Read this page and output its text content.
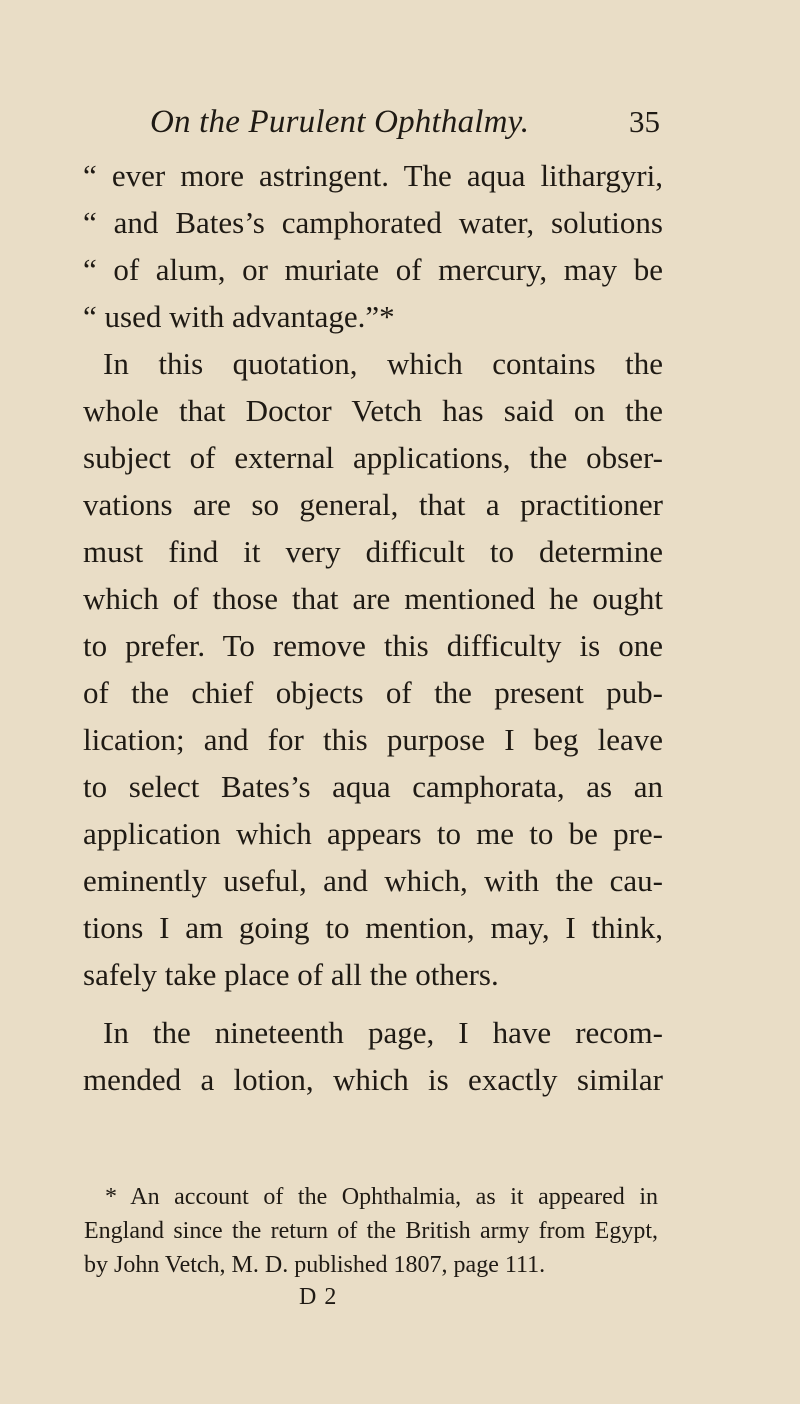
On the Purulent Ophthalmy.	35
“ ever more astringent. The aqua lithargyri,
“ and Bates’s camphorated water, solutions
“ of alum, or muriate of mercury, may be
“ used with advantage.”*
In this quotation, which contains the
whole that Doctor Vetch has said on the
subject of external applications, the obser-
vations are so general, that a practitioner
must find it very difficult to determine
which of those that are mentioned he ought
to prefer. To remove this difficulty is one
of the chief objects of the present pub-
lication; and for this purpose I beg leave
to select Bates’s aqua camphorata, as an
application which appears to me to be pre-
eminently useful, and which, with the cau-
tions I am going to mention, may, I think,
safely take place of all the others.
In the nineteenth page, I have recom-
mended a lotion, which is exactly similar
* An account of the Ophthalmia, as it appeared in
England since the return of the British army from Egypt,
by John Vetch, M. D. published 1807, page 111.
D 2
